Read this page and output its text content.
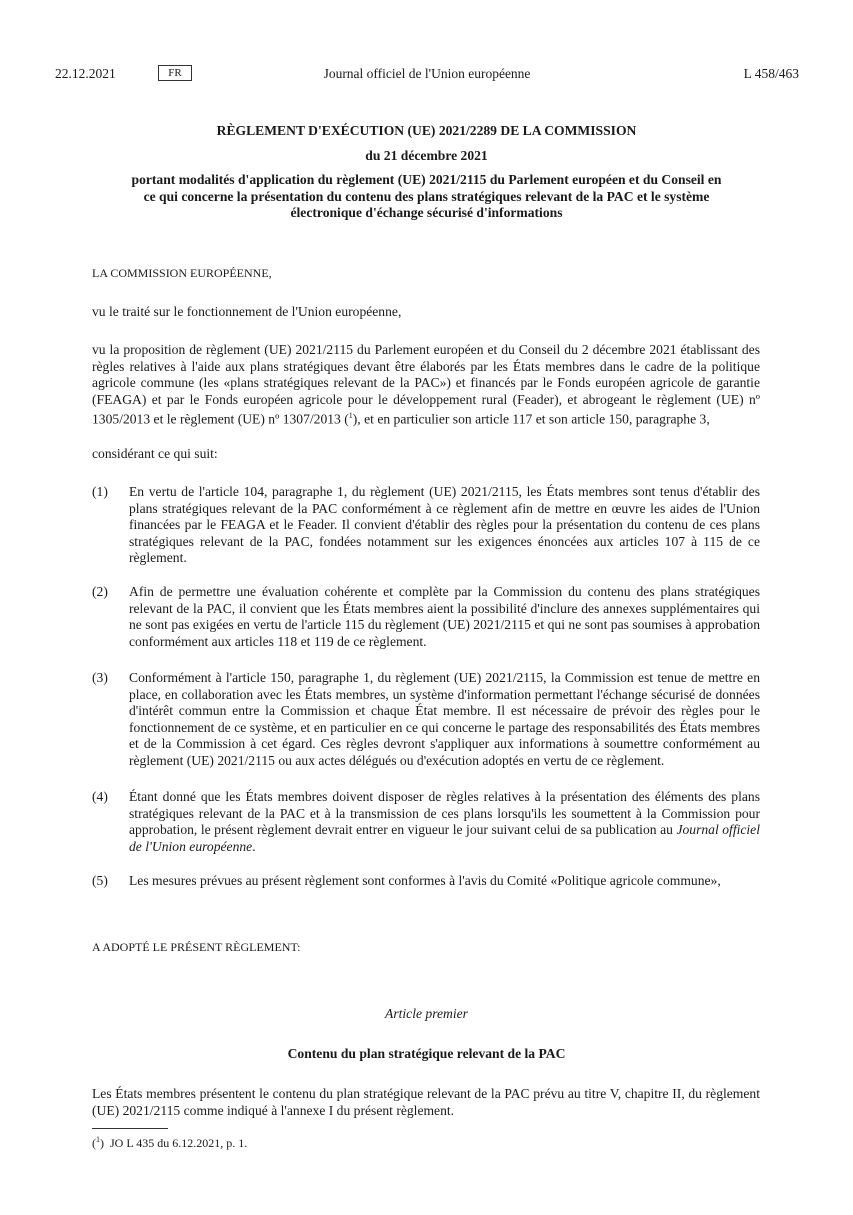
22.12.2021	FR	Journal officiel de l'Union européenne	L 458/463
RÈGLEMENT D'EXÉCUTION (UE) 2021/2289 DE LA COMMISSION
du 21 décembre 2021
portant modalités d'application du règlement (UE) 2021/2115 du Parlement européen et du Conseil en ce qui concerne la présentation du contenu des plans stratégiques relevant de la PAC et le système électronique d'échange sécurisé d'informations
LA COMMISSION EUROPÉENNE,
vu le traité sur le fonctionnement de l'Union européenne,
vu la proposition de règlement (UE) 2021/2115 du Parlement européen et du Conseil du 2 décembre 2021 établissant des règles relatives à l'aide aux plans stratégiques devant être élaborés par les États membres dans le cadre de la politique agricole commune (les «plans stratégiques relevant de la PAC») et financés par le Fonds européen agricole de garantie (FEAGA) et par le Fonds européen agricole pour le développement rural (Feader), et abrogeant le règlement (UE) nº 1305/2013 et le règlement (UE) nº 1307/2013 ($^1$), et en particulier son article 117 et son article 150, paragraphe 3,
considérant ce qui suit:
(1) En vertu de l'article 104, paragraphe 1, du règlement (UE) 2021/2115, les États membres sont tenus d'établir des plans stratégiques relevant de la PAC conformément à ce règlement afin de mettre en œuvre les aides de l'Union financées par le FEAGA et le Feader. Il convient d'établir des règles pour la présentation du contenu de ces plans stratégiques relevant de la PAC, fondées notamment sur les exigences énoncées aux articles 107 à 115 de ce règlement.
(2) Afin de permettre une évaluation cohérente et complète par la Commission du contenu des plans stratégiques relevant de la PAC, il convient que les États membres aient la possibilité d'inclure des annexes supplémentaires qui ne sont pas exigées en vertu de l'article 115 du règlement (UE) 2021/2115 et qui ne sont pas soumises à approbation conformément aux articles 118 et 119 de ce règlement.
(3) Conformément à l'article 150, paragraphe 1, du règlement (UE) 2021/2115, la Commission est tenue de mettre en place, en collaboration avec les États membres, un système d'information permettant l'échange sécurisé de données d'intérêt commun entre la Commission et chaque État membre. Il est nécessaire de prévoir des règles pour le fonctionnement de ce système, et en particulier en ce qui concerne le partage des responsabilités des États membres et de la Commission à cet égard. Ces règles devront s'appliquer aux informations à soumettre conformément au règlement (UE) 2021/2115 ou aux actes délégués ou d'exécution adoptés en vertu de ce règlement.
(4) Étant donné que les États membres doivent disposer de règles relatives à la présentation des éléments des plans stratégiques relevant de la PAC et à la transmission de ces plans lorsqu'ils les soumettent à la Commission pour approbation, le présent règlement devrait entrer en vigueur le jour suivant celui de sa publication au Journal officiel de l'Union européenne.
(5) Les mesures prévues au présent règlement sont conformes à l'avis du Comité «Politique agricole commune»,
A ADOPTÉ LE PRÉSENT RÈGLEMENT:
Article premier
Contenu du plan stratégique relevant de la PAC
Les États membres présentent le contenu du plan stratégique relevant de la PAC prévu au titre V, chapitre II, du règlement (UE) 2021/2115 comme indiqué à l'annexe I du présent règlement.
($^1$)  JO L 435 du 6.12.2021, p. 1.
